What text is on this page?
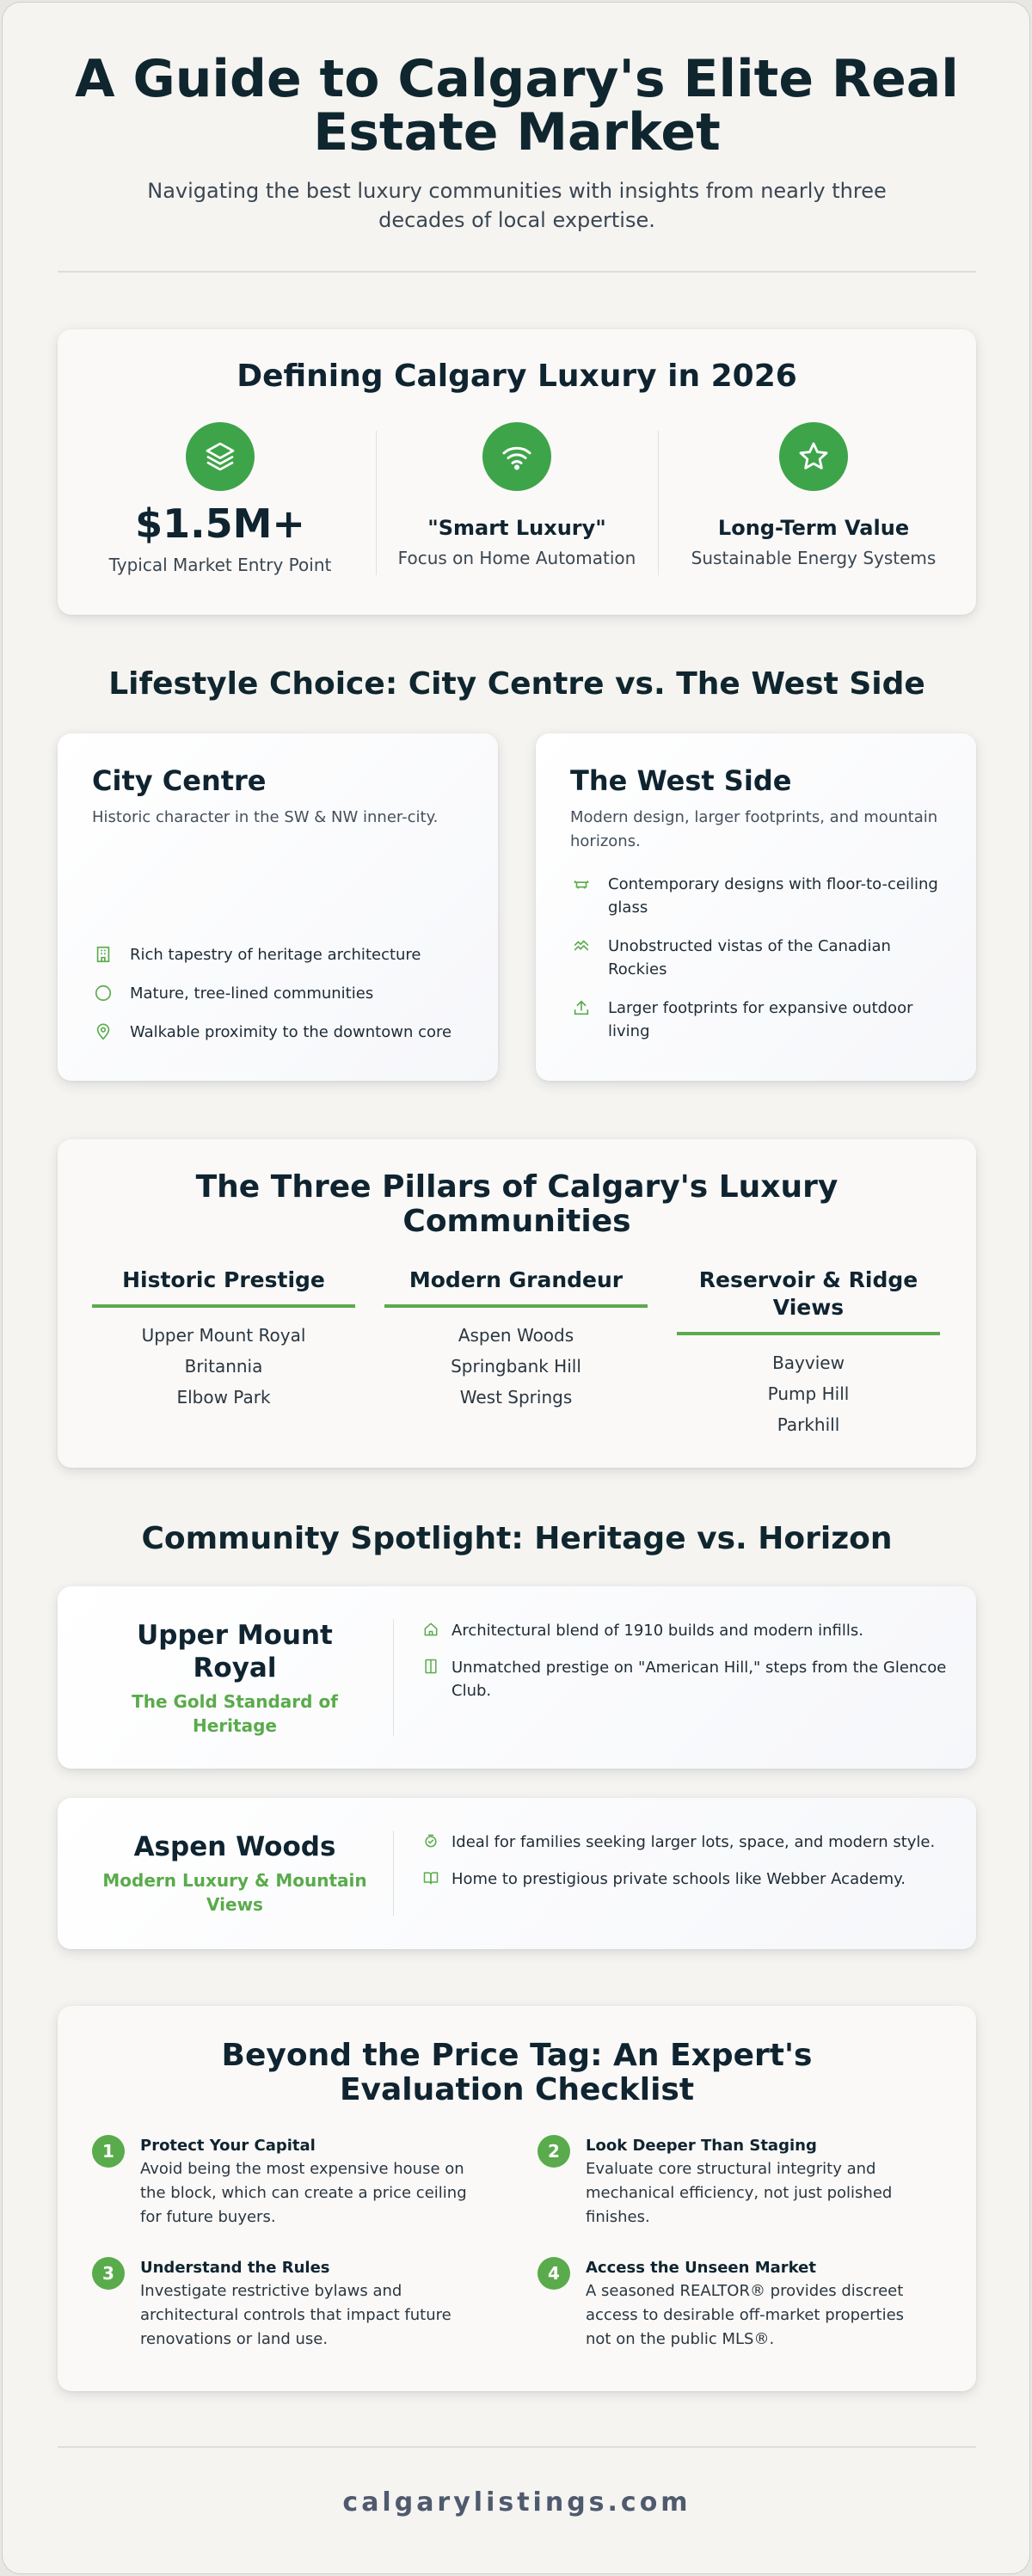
A Guide to Calgary's Elite Real Estate Market

Navigating the best luxury communities with insights from nearly three decades of local expertise.

Defining Calgary Luxury in 2026
$1.5M+
Typical Market Entry Point
"Smart Luxury"
Focus on Home Automation
Long-Term Value
Sustainable Energy Systems
Lifestyle Choice: City Centre vs. The West Side
City Centre

Historic character in the SW & NW inner-city.

Rich tapestry of heritage architecture
Mature, tree-lined communities
Walkable proximity to the downtown core
The West Side

Modern design, larger footprints, and mountain horizons.

Contemporary designs with floor-to-ceiling glass
Unobstructed vistas of the Canadian Rockies
Larger footprints for expansive outdoor living
The Three Pillars of Calgary's Luxury Communities
Historic Prestige
Upper Mount Royal
Britannia
Elbow Park
Modern Grandeur
Aspen Woods
Springbank Hill
West Springs
Reservoir & Ridge Views
Bayview
Pump Hill
Parkhill
Community Spotlight: Heritage vs. Horizon
Upper Mount Royal
The Gold Standard of Heritage
Architectural blend of 1910 builds and modern infills.
Unmatched prestige on "American Hill," steps from the Glencoe Club.
Aspen Woods
Modern Luxury & Mountain Views
Ideal for families seeking larger lots, space, and modern style.
Home to prestigious private schools like Webber Academy.
Beyond the Price Tag: An Expert's Evaluation Checklist
1	Protect Your Capital
Avoid being the most expensive house on the block, which can create a price ceiling for future buyers.
2	Look Deeper Than Staging
Evaluate core structural integrity and mechanical efficiency, not just polished finishes.
3	Understand the Rules
Investigate restrictive bylaws and architectural controls that impact future renovations or land use.
4	Access the Unseen Market
A seasoned REALTOR® provides discreet access to desirable off-market properties not on the public MLS®.
calgarylistings.com
